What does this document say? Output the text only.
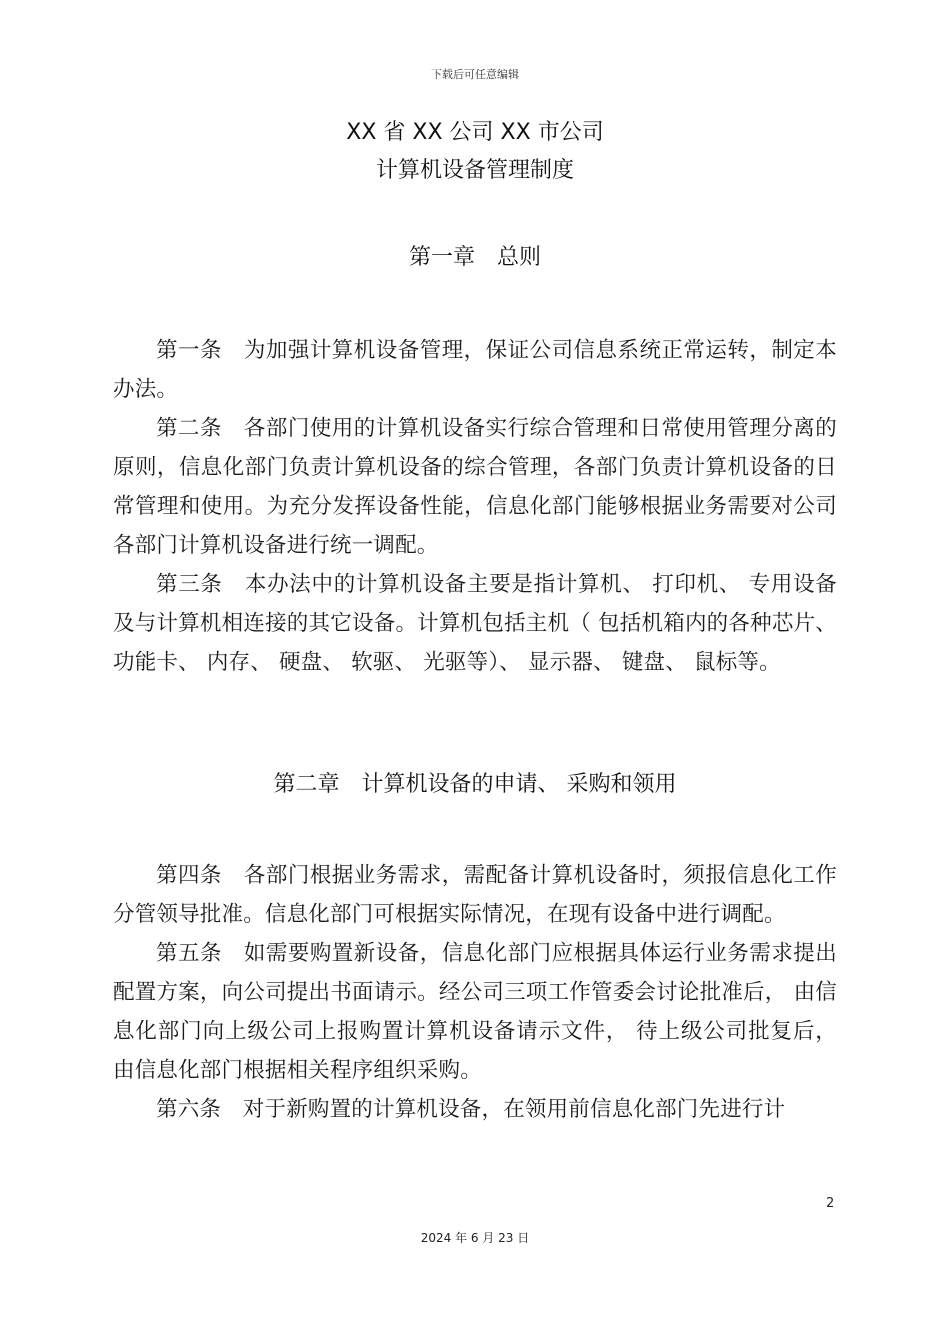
下载后可任意编辑
XX 省 XX 公司 XX 市公司
计算机设备管理制度
第一章　总则

第一条　为加强计算机设备管理，保证公司信息系统正常运转，制定本办法。

第二条　各部门使用的计算机设备实行综合管理和日常使用管理分离的原则，信息化部门负责计算机设备的综合管理，各部门负责计算机设备的日常管理和使用。为充分发挥设备性能，信息化部门能够根据业务需要对公司各部门计算机设备进行统一调配。

第三条　本办法中的计算机设备主要是指计算机、 打印机、 专用设备及与计算机相连接的其它设备。计算机包括主机（ 包括机箱内的各种芯片、 功能卡、 内存、 硬盘、 软驱、 光驱等）、 显示器、 键盘、 鼠标等。

第二章　计算机设备的申请、 采购和领用

第四条　各部门根据业务需求，需配备计算机设备时，须报信息化工作分管领导批准。信息化部门可根据实际情况，在现有设备中进行调配。

第五条　如需要购置新设备，信息化部门应根据具体运行业务需求提出配置方案，向公司提出书面请示。经公司三项工作管委会讨论批准后， 由信息化部门向上级公司上报购置计算机设备请示文件， 待上级公司批复后， 由信息化部门根据相关程序组织采购。

第六条　对于新购置的计算机设备，在领用前信息化部门先进行计

2
2024 年 6 月 23 日
